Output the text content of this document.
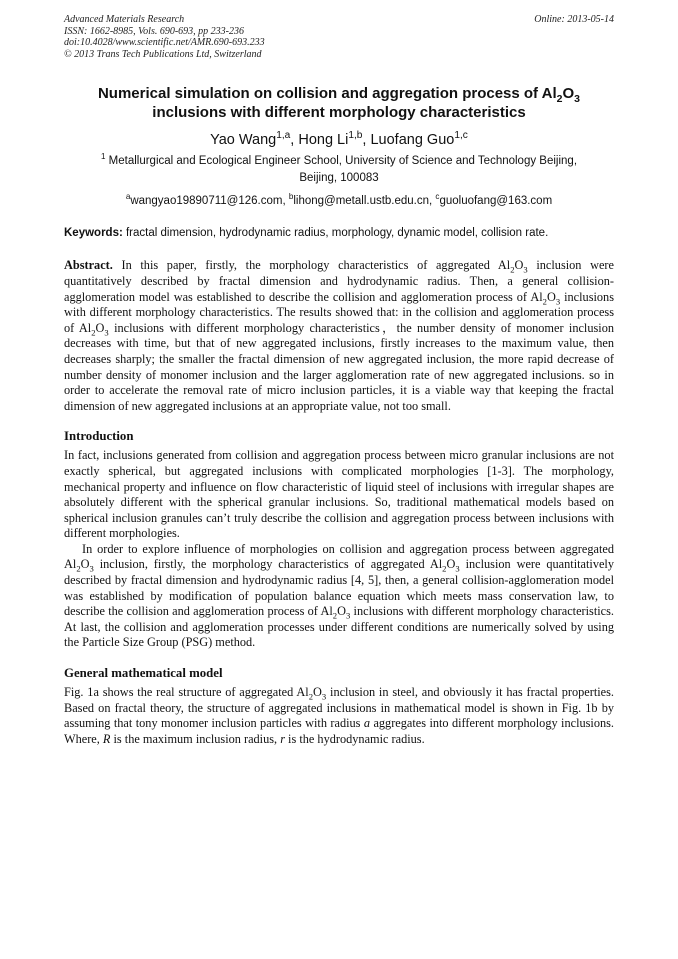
Advanced Materials Research
ISSN: 1662-8985, Vols. 690-693, pp 233-236
doi:10.4028/www.scientific.net/AMR.690-693.233
© 2013 Trans Tech Publications Ltd, Switzerland
Online: 2013-05-14
Numerical simulation on collision and aggregation process of $Al_2O_3$
inclusions with different morphology characteristics
Yao Wang$^{1,a}$, Hong Li$^{1,b}$, Luofang Guo$^{1,c}$
$^1$ Metallurgical and Ecological Engineer School, University of Science and Technology Beijing,
Beijing, 100083
$^a$wangyao19890711@126.com, $^b$lihong@metall.ustb.edu.cn, $^c$guoluofang@163.com
Keywords: fractal dimension, hydrodynamic radius, morphology, dynamic model, collision rate.

Abstract. In this paper, firstly, the morphology characteristics of aggregated $Al_2O_3$ inclusion were quantitatively described by fractal dimension and hydrodynamic radius. Then, a general collision-agglomeration model was established to describe the collision and agglomeration process of $Al_2O_3$ inclusions with different morphology characteristics. The results showed that: in the collision and agglomeration process of $Al_2O_3$ inclusions with different morphology characteristics，the number density of monomer inclusion decreases with time, but that of new aggregated inclusions, firstly increases to the maximum value, then decreases sharply; the smaller the fractal dimension of new aggregated inclusion, the more rapid decrease of number density of monomer inclusion and the larger agglomeration rate of new aggregated inclusions. so in order to accelerate the removal rate of micro inclusion particles, it is a viable way that keeping the fractal dimension of new aggregated inclusions at an appropriate value, not too small.

Introduction

In fact, inclusions generated from collision and aggregation process between micro granular inclusions are not exactly spherical, but aggregated inclusions with complicated morphologies [1-3]. The morphology, mechanical property and influence on flow characteristic of liquid steel of inclusions with irregular shapes are absolutely different with the spherical granular inclusions. So, traditional mathematical models based on spherical inclusion granules can’t truly describe the collision and aggregation process between inclusions with different morphologies.

In order to explore influence of morphologies on collision and aggregation process between aggregated $Al_2O_3$ inclusion, firstly, the morphology characteristics of aggregated $Al_2O_3$ inclusion were quantitatively described by fractal dimension and hydrodynamic radius [4, 5], then, a general collision-agglomeration model was established by modification of population balance equation which meets mass conservation law, to describe the collision and agglomeration process of $Al_2O_3$ inclusions with different morphology characteristics. At last, the collision and agglomeration processes under different conditions are numerically solved by using the Particle Size Group (PSG) method.

General mathematical model

Fig. 1a shows the real structure of aggregated $Al_2O_3$ inclusion in steel, and obviously it has fractal properties. Based on fractal theory, the structure of aggregated inclusions in mathematical model is shown in Fig. 1b by assuming that tony monomer inclusion particles with radius a aggregates into different morphology inclusions. Where, R is the maximum inclusion radius, r is the hydrodynamic radius.
